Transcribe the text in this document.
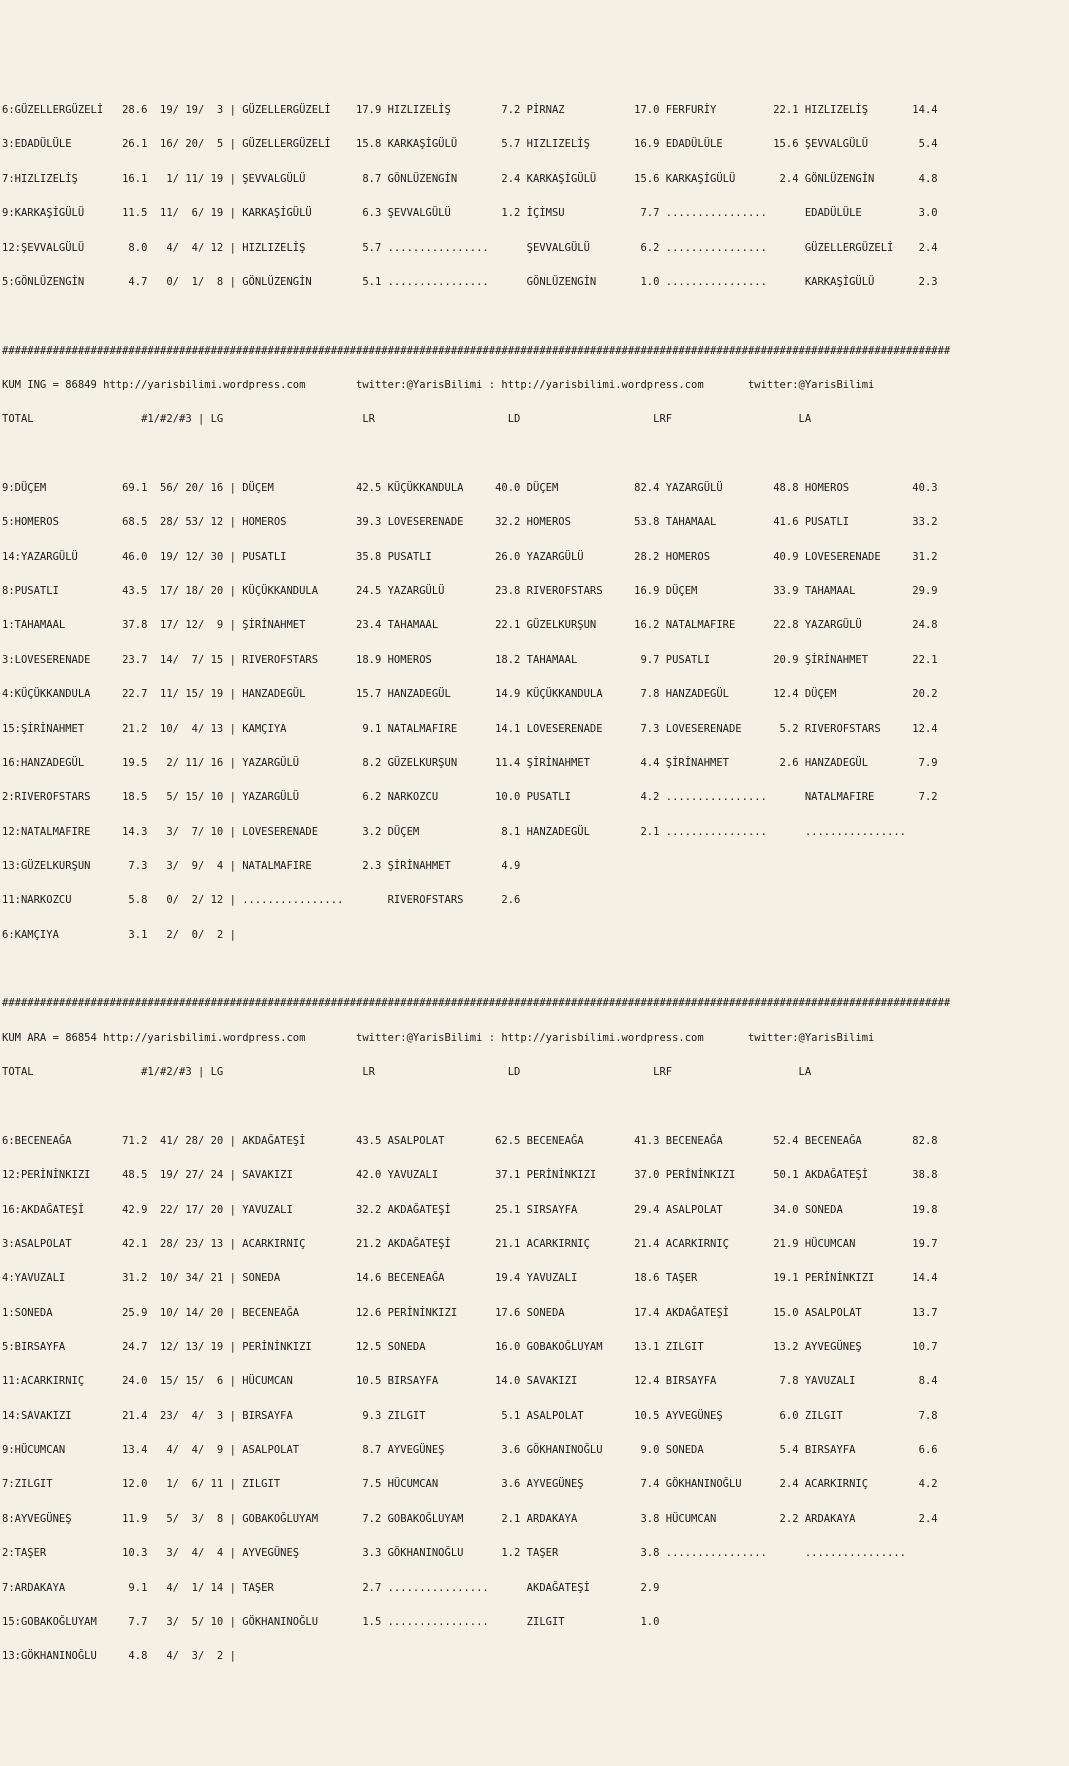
6:GÜZELLERGÜZELİ   28.6  19/ 19/  3 | GÜZELLERGÜZELİ    17.9 HIZLIZELİŞ        7.2 PİRNAZ           17.0 FERFURİY         22.1 HIZLIZELİŞ       14.4

3:EDADÜLÜLE        26.1  16/ 20/  5 | GÜZELLERGÜZELİ    15.8 KARKAŞİGÜLÜ       5.7 HIZLIZELİŞ       16.9 EDADÜLÜLE        15.6 ŞEVVALGÜLÜ        5.4

7:HIZLIZELİŞ       16.1   1/ 11/ 19 | ŞEVVALGÜLÜ         8.7 GÖNLÜZENGİN       2.4 KARKAŞİGÜLÜ      15.6 KARKAŞİGÜLÜ       2.4 GÖNLÜZENGİN       4.8

9:KARKAŞİGÜLÜ      11.5  11/  6/ 19 | KARKAŞİGÜLÜ        6.3 ŞEVVALGÜLÜ        1.2 İÇİMSU            7.7 ................      EDADÜLÜLE         3.0

12:ŞEVVALGÜLÜ       8.0   4/  4/ 12 | HIZLIZELİŞ         5.7 ................      ŞEVVALGÜLÜ        6.2 ................      GÜZELLERGÜZELİ    2.4

5:GÖNLÜZENGİN       4.7   0/  1/  8 | GÖNLÜZENGİN        5.1 ................      GÖNLÜZENGİN       1.0 ................      KARKAŞİGÜLÜ       2.3

######################################################################################################################################################

KUM ING = 86849 http://yarisbilimi.wordpress.com        twitter:@YarisBilimi : http://yarisbilimi.wordpress.com       twitter:@YarisBilimi

TOTAL                 #1/#2/#3 | LG                      LR                     LD                     LRF                    LA

9:DÜÇEM            69.1  56/ 20/ 16 | DÜÇEM             42.5 KÜÇÜKKANDULA     40.0 DÜÇEM            82.4 YAZARGÜLÜ        48.8 HOMEROS          40.3

5:HOMEROS          68.5  28/ 53/ 12 | HOMEROS           39.3 LOVESERENADE     32.2 HOMEROS          53.8 TAHAMAAL         41.6 PUSATLI          33.2

14:YAZARGÜLÜ       46.0  19/ 12/ 30 | PUSATLI           35.8 PUSATLI          26.0 YAZARGÜLÜ        28.2 HOMEROS          40.9 LOVESERENADE     31.2

8:PUSATLI          43.5  17/ 18/ 20 | KÜÇÜKKANDULA      24.5 YAZARGÜLÜ        23.8 RIVEROFSTARS     16.9 DÜÇEM            33.9 TAHAMAAL         29.9

1:TAHAMAAL         37.8  17/ 12/  9 | ŞİRİNAHMET        23.4 TAHAMAAL         22.1 GÜZELKURŞUN      16.2 NATALMAFIRE      22.8 YAZARGÜLÜ        24.8

3:LOVESERENADE     23.7  14/  7/ 15 | RIVEROFSTARS      18.9 HOMEROS          18.2 TAHAMAAL          9.7 PUSATLI          20.9 ŞİRİNAHMET       22.1

4:KÜÇÜKKANDULA     22.7  11/ 15/ 19 | HANZADEGÜL        15.7 HANZADEGÜL       14.9 KÜÇÜKKANDULA      7.8 HANZADEGÜL       12.4 DÜÇEM            20.2

15:ŞİRİNAHMET      21.2  10/  4/ 13 | KAMÇIYA            9.1 NATALMAFIRE      14.1 LOVESERENADE      7.3 LOVESERENADE      5.2 RIVEROFSTARS     12.4

16:HANZADEGÜL      19.5   2/ 11/ 16 | YAZARGÜLÜ          8.2 GÜZELKURŞUN      11.4 ŞİRİNAHMET        4.4 ŞİRİNAHMET        2.6 HANZADEGÜL        7.9

2:RIVEROFSTARS     18.5   5/ 15/ 10 | YAZARGÜLÜ          6.2 NARKOZCU         10.0 PUSATLI           4.2 ................      NATALMAFIRE       7.2

12:NATALMAFIRE     14.3   3/  7/ 10 | LOVESERENADE       3.2 DÜÇEM             8.1 HANZADEGÜL        2.1 ................      ................

13:GÜZELKURŞUN      7.3   3/  9/  4 | NATALMAFIRE        2.3 ŞİRİNAHMET        4.9

11:NARKOZCU         5.8   0/  2/ 12 | ................       RIVEROFSTARS      2.6

6:KAMÇIYA           3.1   2/  0/  2 |

######################################################################################################################################################

KUM ARA = 86854 http://yarisbilimi.wordpress.com        twitter:@YarisBilimi : http://yarisbilimi.wordpress.com       twitter:@YarisBilimi

TOTAL                 #1/#2/#3 | LG                      LR                     LD                     LRF                    LA

6:BECENEAĞA        71.2  41/ 28/ 20 | AKDAĞATEŞİ        43.5 ASALPOLAT        62.5 BECENEAĞA        41.3 BECENEAĞA        52.4 BECENEAĞA        82.8

12:PERİNİNKIZI     48.5  19/ 27/ 24 | SAVAKIZI          42.0 YAVUZALI         37.1 PERİNİNKIZI      37.0 PERİNİNKIZI      50.1 AKDAĞATEŞİ       38.8

16:AKDAĞATEŞİ      42.9  22/ 17/ 20 | YAVUZALI          32.2 AKDAĞATEŞİ       25.1 SIRSAYFA         29.4 ASALPOLAT        34.0 SONEDA           19.8

3:ASALPOLAT        42.1  28/ 23/ 13 | ACARKIRNIÇ        21.2 AKDAĞATEŞİ       21.1 ACARKIRNIÇ       21.4 ACARKIRNIÇ       21.9 HÜCUMCAN         19.7

4:YAVUZALI         31.2  10/ 34/ 21 | SONEDA            14.6 BECENEAĞA        19.4 YAVUZALI         18.6 TAŞER            19.1 PERİNİNKIZI      14.4

1:SONEDA           25.9  10/ 14/ 20 | BECENEAĞA         12.6 PERİNİNKIZI      17.6 SONEDA           17.4 AKDAĞATEŞİ       15.0 ASALPOLAT        13.7

5:BIRSAYFA         24.7  12/ 13/ 19 | PERİNİNKIZI       12.5 SONEDA           16.0 GOBAKOĞLUYAM     13.1 ZILGIT           13.2 AYVEGÜNEŞ        10.7

11:ACARKIRNIÇ      24.0  15/ 15/  6 | HÜCUMCAN          10.5 BIRSAYFA         14.0 SAVAKIZI         12.4 BIRSAYFA          7.8 YAVUZALI          8.4

14:SAVAKIZI        21.4  23/  4/  3 | BIRSAYFA           9.3 ZILGIT            5.1 ASALPOLAT        10.5 AYVEGÜNEŞ         6.0 ZILGIT            7.8

9:HÜCUMCAN         13.4   4/  4/  9 | ASALPOLAT          8.7 AYVEGÜNEŞ         3.6 GÖKHANINOĞLU      9.0 SONEDA            5.4 BIRSAYFA          6.6

7:ZILGIT           12.0   1/  6/ 11 | ZILGIT             7.5 HÜCUMCAN          3.6 AYVEGÜNEŞ         7.4 GÖKHANINOĞLU      2.4 ACARKIRNIÇ        4.2

8:AYVEGÜNEŞ        11.9   5/  3/  8 | GOBAKOĞLUYAM       7.2 GOBAKOĞLUYAM      2.1 ARDAKAYA          3.8 HÜCUMCAN          2.2 ARDAKAYA          2.4

2:TAŞER            10.3   3/  4/  4 | AYVEGÜNEŞ          3.3 GÖKHANINOĞLU      1.2 TAŞER             3.8 ................      ................

7:ARDAKAYA          9.1   4/  1/ 14 | TAŞER              2.7 ................      AKDAĞATEŞİ        2.9

15:GOBAKOĞLUYAM     7.7   3/  5/ 10 | GÖKHANINOĞLU       1.5 ................      ZILGIT            1.0

13:GÖKHANINOĞLU     4.8   4/  3/  2 |
